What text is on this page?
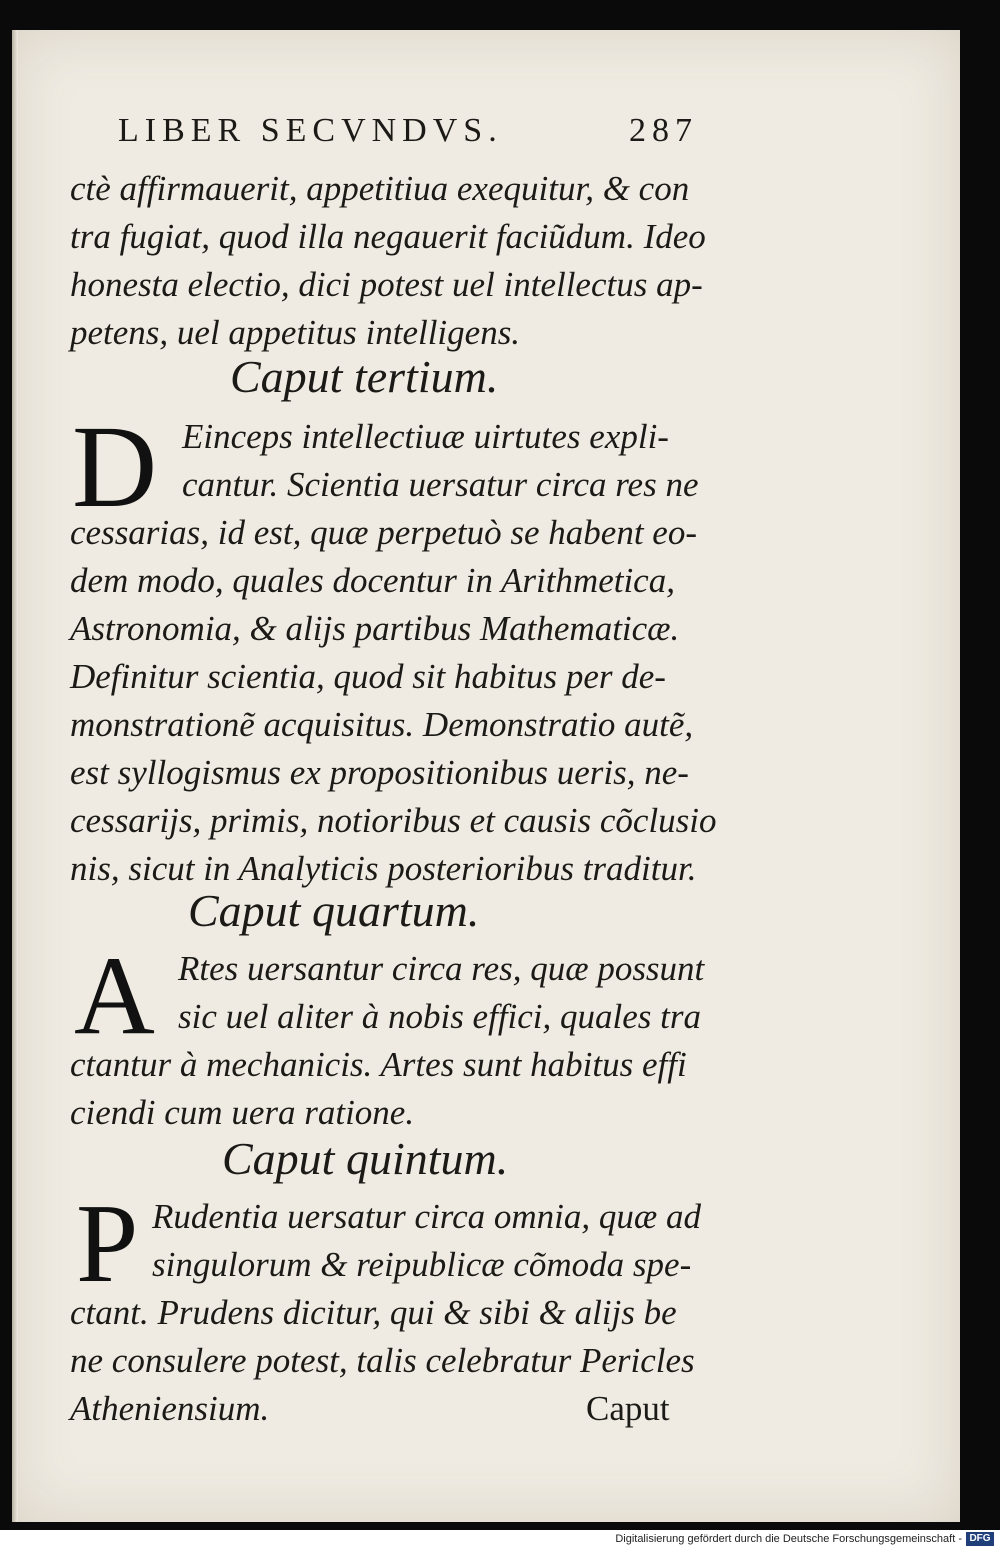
LIBER SECVNDVS.	287
ctè affirmauerit, appetitiua exequitur, & con
tra fugiat, quod illa negauerit faciũdum. Ideo
honesta electio, dici potest uel intellectus ap-
petens, uel appetitus intelligens.
Caput tertium.
D Einceps intellectiuæ uirtutes expli-
cantur. Scientia uersatur circa res ne
cessarias, id est, quæ perpetuò se habent eo-
dem modo, quales docentur in Arithmetica,
Astronomia, & alijs partibus Mathematicæ.
Definitur scientia, quod sit habitus per de-
monstrationẽ acquisitus. Demonstratio autẽ,
est syllogismus ex propositionibus ueris, ne-
cessarijs, primis, notioribus et causis cõclusio
nis, sicut in Analyticis posterioribus traditur.
Caput quartum.
A Rtes uersantur circa res, quæ possunt
sic uel aliter à nobis effici, quales tra
ctantur à mechanicis. Artes sunt habitus effi
ciendi cum uera ratione.
Caput quintum.
P Rudentia uersatur circa omnia, quæ ad
singulorum & reipublicæ cõmoda spe-
ctant. Prudens dicitur, qui & sibi & alijs be
ne consulere potest, talis celebratur Pericles
Atheniensium.	Caput
Digitalisierung gefördert durch die Deutsche Forschungsgemeinschaft - DFG
